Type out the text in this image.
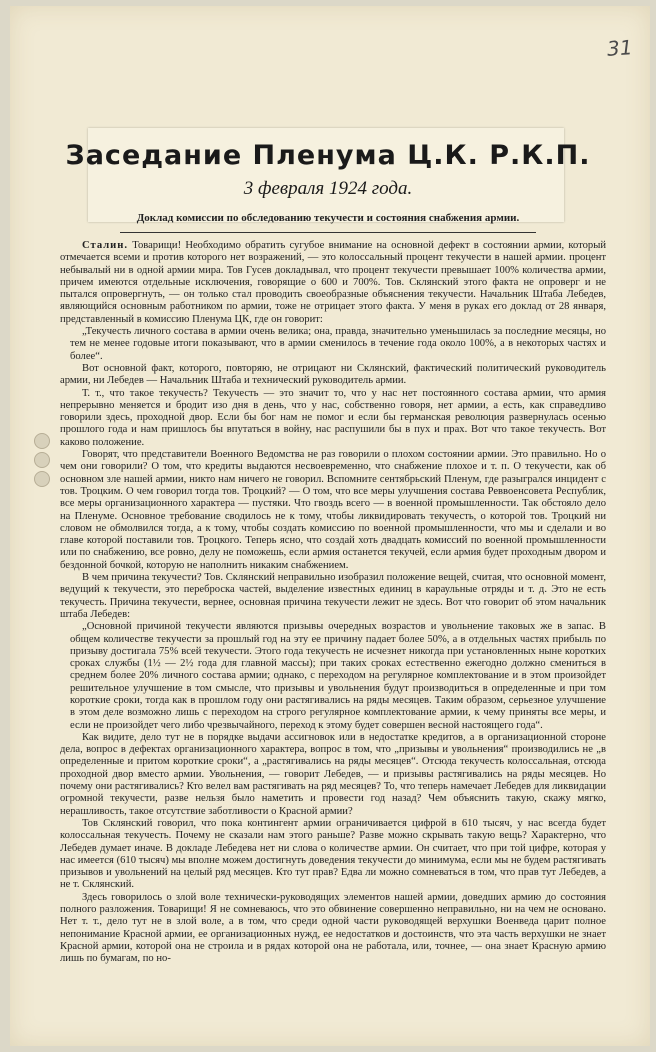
31
Заседание Пленума Ц.К. Р.К.П.
3 февраля 1924 года.
Доклад комиссии по обследованию текучести и состояния снабжения армии.

Сталин. Товарищи! Необходимо обратить сугубое внимание на основной дефект в состоянии армии, который отмечается всеми и против которого нет возражений, — это колоссальный процент текучести в нашей армии. процент небывалый ни в одной армии мира. Тов Гусев докладывал, что процент текучести превышает 100% количества армии, причем имеются отдельные исключения, говорящие о 600 и 700%. Тов. Склянский этого факта не опроверг и не пытался опровергнуть, — он только стал проводить своеобразные объяснения текучести. Начальник Штаба Лебедев, являющийся основным работником по армии, тоже не отрицает этого факта. У меня в руках его доклад от 28 января, представленный в комиссию Пленума ЦК, где он говорит:

„Текучесть личного состава в армии очень велика; она, правда, значительно уменьшилась за последние месяцы, но тем не менее годовые итоги показывают, что в армии сменилось в течение года около 100%, а в некоторых частях и более“.

Вот основной факт, которого, повторяю, не отрицают ни Склянский, фактический политический руководитель армии, ни Лебедев — Начальник Штаба и технический руководитель армии.

Т. т., что такое текучесть? Текучесть — это значит то, что у нас нет постоянного состава армии, что армия непрерывно меняется и бродит изо дня в день, что у нас, собственно говоря, нет армии, а есть, как справедливо говорили здесь, проходной двор. Если бы бог нам не помог и если бы германская революция развернулась осенью прошлого года и нам пришлось бы впутаться в войну, нас распушили бы в пух и прах. Вот что такое текучесть. Вот каково положение.

Говорят, что представители Военного Ведомства не раз говорили о плохом состоянии армии. Это правильно. Но о чем они говорили? О том, что кредиты выдаются несвоевременно, что снабжение плохое и т. п. О текучести, как об основном зле нашей армии, никто нам ничего не говорил. Вспомните сентябрьский Пленум, где разыгрался инцидент с тов. Троцким. О чем говорил тогда тов. Троцкий? — О том, что все меры улучшения состава Реввоенсовета Республик, все меры организационного характера — пустяки. Что гвоздь всего — в военной промышленности. Так обстояло дело на Пленуме. Основное требование сводилось не к тому, чтобы ликвидировать текучесть, о которой тов. Троцкий ни словом не обмолвился тогда, а к тому, чтобы создать комиссию по военной промышленности, что мы и сделали и во главе которой поставили тов. Троцкого. Теперь ясно, что создай хоть двадцать комиссий по военной промышленности или по снабжению, все ровно, делу не поможешь, если армия останется текучей, если армия будет проходным двором и бездонной бочкой, которую не наполнить никаким снабжением.

В чем причина текучести? Тов. Склянский неправильно изобразил положение вещей, считая, что основной момент, ведущий к текучести, это переброска частей, выделение известных единиц в караульные отряды и т. д. Это не есть текучесть. Причина текучести, вернее, основная причина текучести лежит не здесь. Вот что говорит об этом начальник штаба Лебедев:

„Основной причиной текучести являются призывы очередных возрастов и увольнение таковых же в запас. В общем количестве текучести за прошлый год на эту ее причину падает более 50%, а в отдельных частях прибыль по призыву достигала 75% всей текучести. Этого года текучесть не исчезнет никогда при установленных ныне коротких сроках службы (1½ — 2½ года для главной массы); при таких сроках естественно ежегодно должно смениться в среднем более 20% личного состава армии; однако, с переходом на регулярное комплектование и в этом произойдет решительное улучшение в том смысле, что призывы и увольнения будут производиться в определенные и при том короткие сроки, тогда как в прошлом году они растягивались на ряды месяцев. Таким образом, серьезное улучшение в этом деле возможно лишь с переходом на строго регулярное комплектование армии, к чему приняты все меры, и если не произойдет чего либо чрезвычайного, переход к этому будет совершен весной настоящего года“.

Как видите, дело тут не в порядке выдачи ассигновок или в недостатке кредитов, а в организационной стороне дела, вопрос в дефектах организационного характера, вопрос в том, что „призывы и увольнения“ производились не „в определенные и притом короткие сроки“, а „растягивались на ряды месяцев“. Отсюда текучесть колоссальная, отсюда проходной двор вместо армии. Увольнения, — говорит Лебедев, — и призывы растягивались на ряды месяцев. Но почему они растягивались? Кто велел вам растягивать на ряд месяцев? То, что теперь намечает Лебедев для ликвидации огромной текучести, разве нельзя было наметить и провести год назад? Чем объяснить такую, скажу мягко, нерашливость, такое отсутствие заботливости о Красной армии?

Тов Склянский говорил, что пока контингент армии ограничивается цифрой в 610 тысяч, у нас всегда будет колоссальная текучесть. Почему не сказали нам этого раньше? Разве можно скрывать такую вещь? Характерно, что Лебедев думает иначе. В докладе Лебедева нет ни слова о количестве армии. Он считает, что при той цифре, которая у нас имеется (610 тысяч) мы вполне можем достигнуть доведения текучести до минимума, если мы не будем растягивать призывов и увольнений на целый ряд месяцев. Кто тут прав? Едва ли можно сомневаться в том, что прав тут Лебедев, а не т. Склянский.

Здесь говорилось о злой воле технически-руководящих элементов нашей армии, доведших армию до состояния полного разложения. Товарищи! Я не сомневаюсь, что это обвинение совершенно неправильно, ни на чем не основано. Нет т. т., дело тут не в злой воле, а в том, что среди одной части руководящей верхушки Военведа царит полное непонимание Красной армии, ее организационных нужд, ее недостатков и достоинств, что эта часть верхушки не знает Красной армии, которой она не строила и в рядах которой она не работала, или, точнее, — она знает Красную армию лишь по бумагам, по но-
